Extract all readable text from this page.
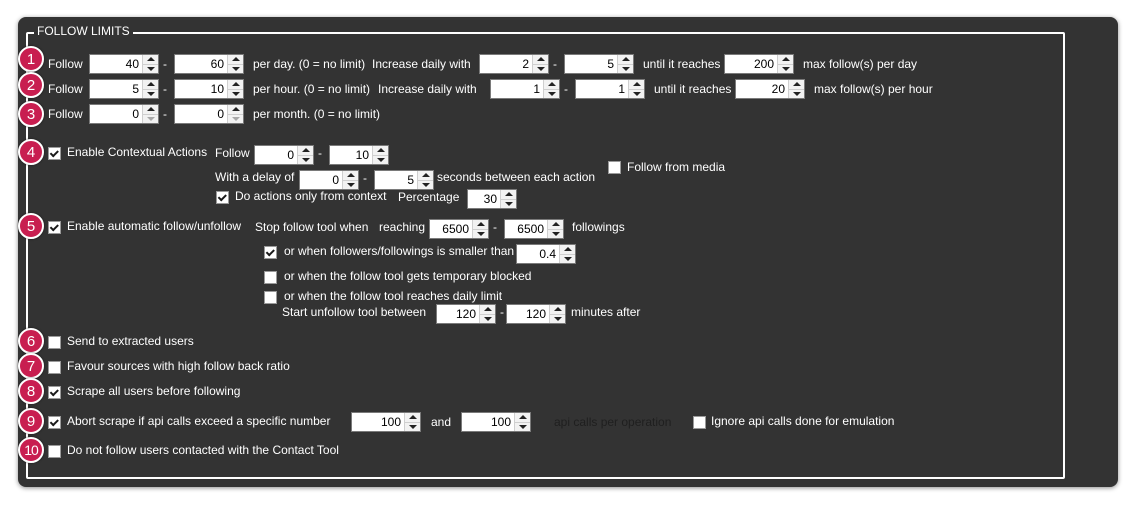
FOLLOW LIMITS
1
2
3
4
5
6
7
8
9
10
Follow	40 -	60 per day. (0 = no limit) Increase daily with	2 -	5 until it reaches	200 max follow(s) per day
Follow	5 -	10 per hour. (0 = no limit) Increase daily with	1 -	1 until it reaches	20 max follow(s) per hour
Follow	0 -	0 per month. (0 = no limit)
Enable Contextual Actions Follow	0 -	10
With a delay of	0 -	5 seconds between each action
Do actions only from context Percentage	30
Follow from media
Enable automatic follow/unfollow Stop follow tool when reaching	6500 -	6500 followings
or when followers/followings is smaller than	0.4
or when the follow tool gets temporary blocked
or when the follow tool reaches daily limit
Start unfollow tool between	120 -	120 minutes after
Send to extracted users
Favour sources with high follow back ratio
Scrape all users before following
Abort scrape if api calls exceed a specific number	100	and	100	api calls per operation	Ignore api calls done for emulation
Do not follow users contacted with the Contact Tool
